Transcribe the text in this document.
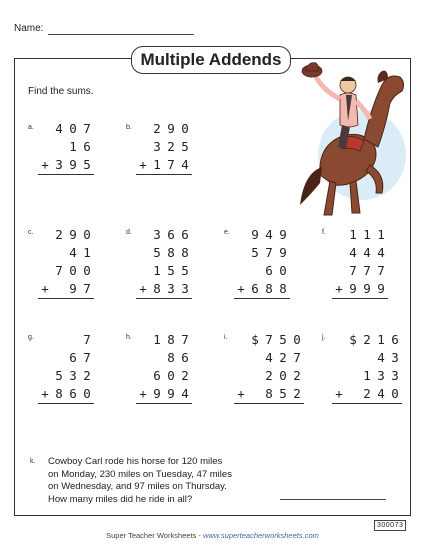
Name:
Multiple Addends
Find the sums.
a.	b.
c.	d.	e.	f.
g.	h.	i.	j.
4 0 7
1 6
+ 3 9 5
2 9 0
3 2 5
+ 1 7 4
2 9 0
4 1
7 0 0
+ 9 7
3 6 6
5 8 8
1 5 5
+ 8 3 3
9 4 9
5 7 9
6 0
+ 6 8 8
1 1 1
4 4 4
7 7 7
+ 9 9 9
7
6 7
5 3 2
+ 8 6 0
1 8 7
8 6
6 0 2
+ 9 9 4
$ 7 5 0
4 2 7
2 0 2
+ 8 5 2
$ 2 1 6
4 3
1 3 3
+ 2 4 0
k. Cowboy Carl rode his horse for 120 miles
on Monday, 230 miles on Tuesday, 47 miles
on Wednesday, and 97 miles on Thursday.
How many miles did he ride in all?
300073
Super Teacher Worksheets - www.superteacherworksheets.com
